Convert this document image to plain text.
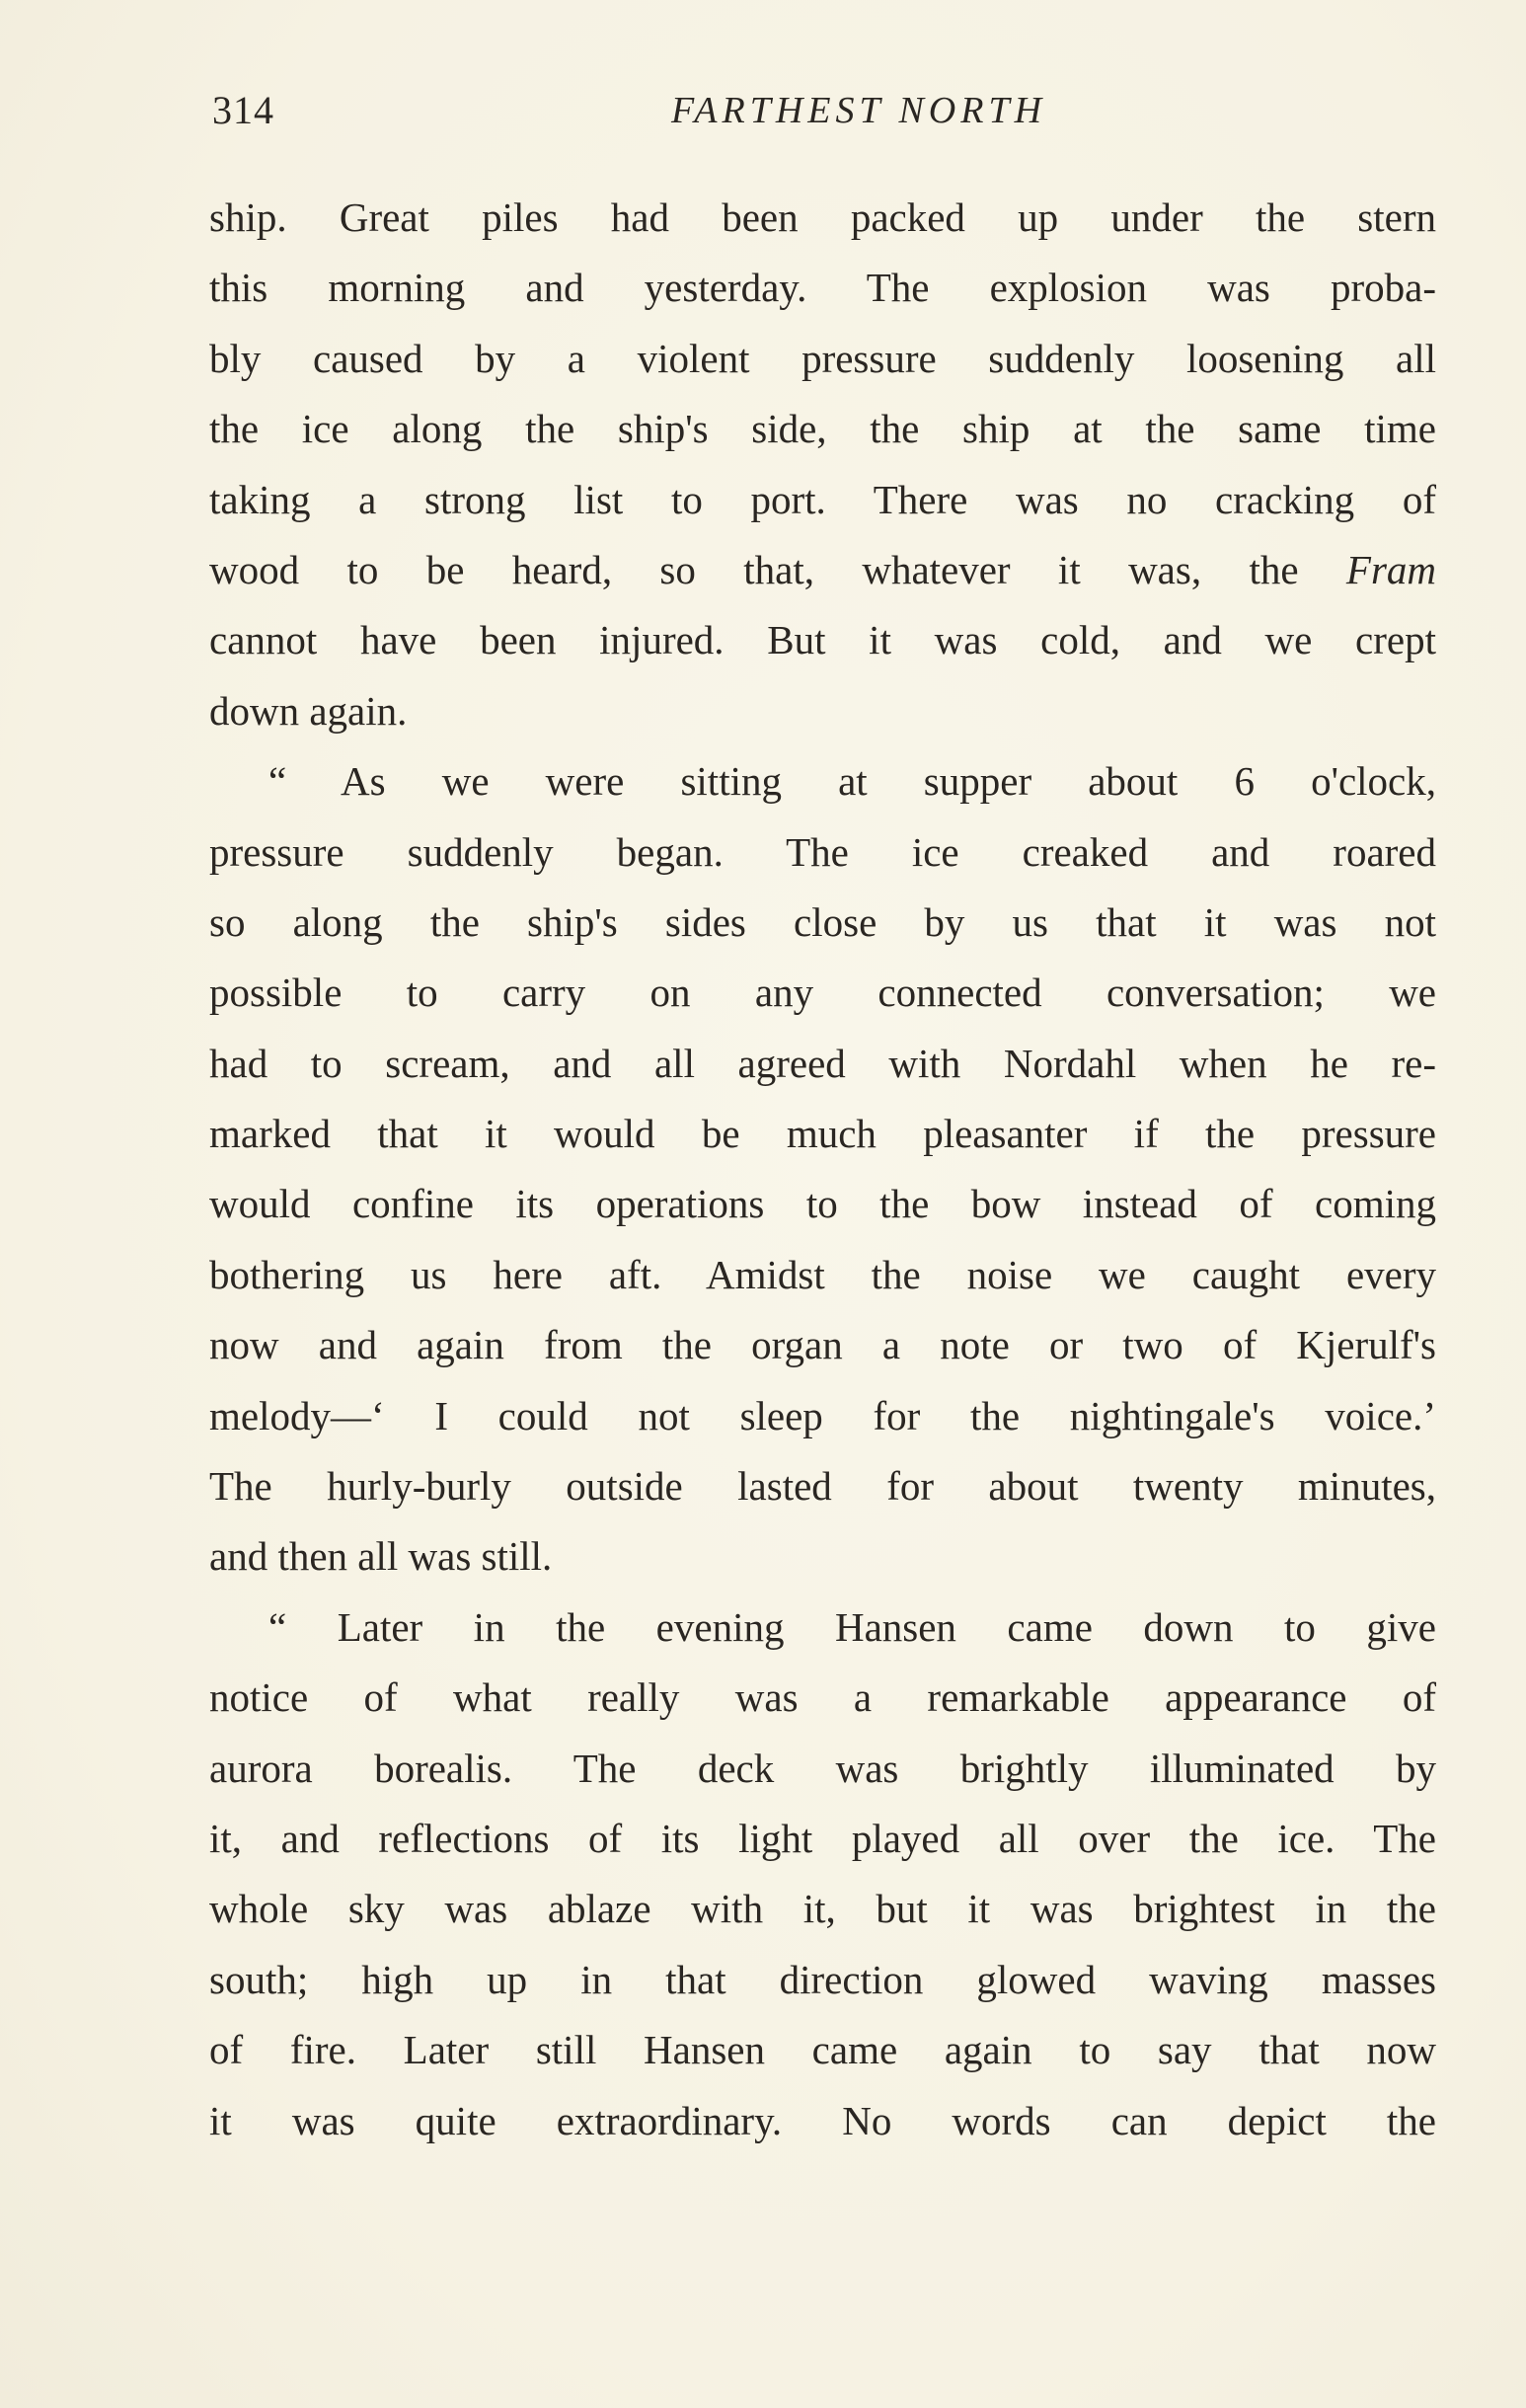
314	FARTHEST NORTH
ship. Great piles had been packed up under the stern
this morning and yesterday. The explosion was proba-
bly caused by a violent pressure suddenly loosening all
the ice along the ship's side, the ship at the same time
taking a strong list to port. There was no cracking of
wood to be heard, so that, whatever it was, the Fram
cannot have been injured. But it was cold, and we crept
down again.
“ As we were sitting at supper about 6 o'clock,
pressure suddenly began. The ice creaked and roared
so along the ship's sides close by us that it was not
possible to carry on any connected conversation; we
had to scream, and all agreed with Nordahl when he re-
marked that it would be much pleasanter if the pressure
would confine its operations to the bow instead of coming
bothering us here aft. Amidst the noise we caught every
now and again from the organ a note or two of Kjerulf's
melody—‘ I could not sleep for the nightingale's voice.’
The hurly-burly outside lasted for about twenty minutes,
and then all was still.
“ Later in the evening Hansen came down to give
notice of what really was a remarkable appearance of
aurora borealis. The deck was brightly illuminated by
it, and reflections of its light played all over the ice. The
whole sky was ablaze with it, but it was brightest in the
south; high up in that direction glowed waving masses
of fire. Later still Hansen came again to say that now
it was quite extraordinary. No words can depict the
